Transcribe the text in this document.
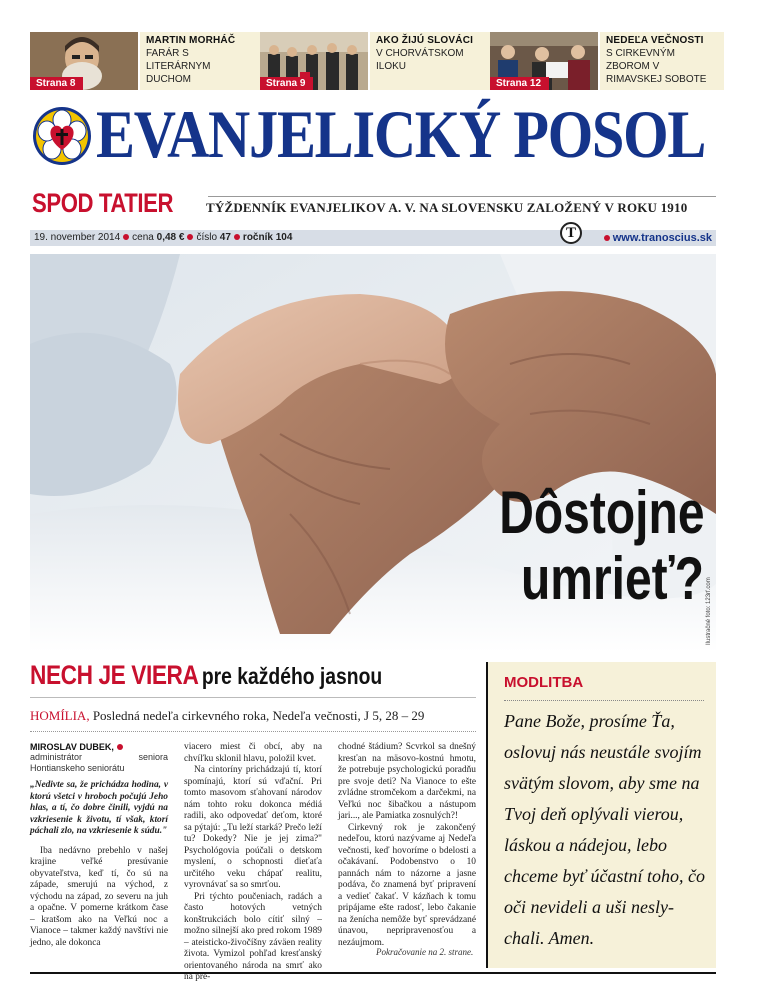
Strana 8
MARTIN MORHÁČ
FARÁR S LITERÁRNYM DUCHOM	Strana 9
AKO ŽIJÚ SLOVÁCI
V CHORVÁTSKOM ILOKU
Strana 12
NEDEĽA VEČNOSTI
S CIRKEVNÝM ZBOROM V RIMAVSKEJ SOBOTE
EVANJELICKÝ POSOL
SPOD TATIER	TÝŽDENNÍK EVANJELIKOV A. V. NA SLOVENSKU ZALOŽENÝ V ROKU 1910
19. november 2014 cena 0,48 € číslo 47 ročník 104	www.tranoscius.sk
T
Dôstojne
umrieť? Ilustračné foto: 123rf.com
NECH JE VIERA pre každého jasnou
HOMÍLIA, Posledná nedeľa cirkevného roka, Nedeľa večnosti, J 5, 28 – 29
MIROSLAV DUBEK,
administrátor seniora Hontianskeho seniorátu

„Nedivte sa, že prichádza hodina, v ktorú všetci v hroboch počujú Jeho hlas, a tí, čo dobre činili, vyjdú na vzkriesenie k životu, tí však, ktorí páchali zlo, na vzkriesenie k súdu."

Iba nedávno prebehlo v našej krajine veľké presúvanie obyvateľstva, keď tí, čo sú na západe, smerujú na východ, z východu na západ, zo severu na juh a opačne. V pomerne krátkom čase – kratšom ako na Veľkú noc a Vianoce – takmer každý navštívi nie jedno, ale dokonca

viacero miest či obcí, aby na chvíľku sklonil hlavu, položil kvet.

Na cintoríny prichádzajú tí, ktorí spomínajú, ktorí sú vďační. Pri tomto masovom sťahovaní národov nám tohto roku dokonca médiá radili, ako odpovedať deťom, ktoré sa pýtajú: „Tu leží starká? Prečo leží tu? Dokedy? Nie je jej zima?" Psychológovia poúčali o detskom myslení, o schopnosti dieťaťa určitého veku chápať realitu, vyrovnávať sa so smrťou.

Pri týchto poučeniach, radách a často hotových vetných konštrukciách bolo cítiť silný – možno silnejší ako pred rokom 1989 – ateisticko-živočíšny záväen reality života. Vymizol pohľad kresťanský orientovaného národa na smrť ako na pre-

chodné štádium? Scvrkol sa dnešný kresťan na mäsovo-kostnú hmotu, že potrebuje psychologickú poradňu pre svoje deti? Na Vianoce to ešte zvládne stromčekom a darčekmi, na Veľkú noc šibačkou a nástupom jari..., ale Pamiatka zosnulých?!

Cirkevný rok je zakončený nedeľou, ktorú nazývame aj Nedeľa večnosti, keď hovoríme o bdelosti a očakávaní. Podobenstvo o 10 pannách nám to názorne a jasne podáva, čo znamená byť pripravení a vedieť čakať. V kázňach k tomu pripájame ešte radosť, lebo čakanie na ženícha nemôže byť sprevádzané únavou, nepripravenosťou a nezáujmom.

Pokračovanie na 2. strane.
MODLITBA
Pane Bože, prosíme Ťa, oslovuj nás neustále svojím svätým slovom, aby sme na Tvoj deň oplývali vierou, láskou a nádejou, lebo chceme byť účastní toho, čo oči nevideli a uši nesly-chali. Amen.
